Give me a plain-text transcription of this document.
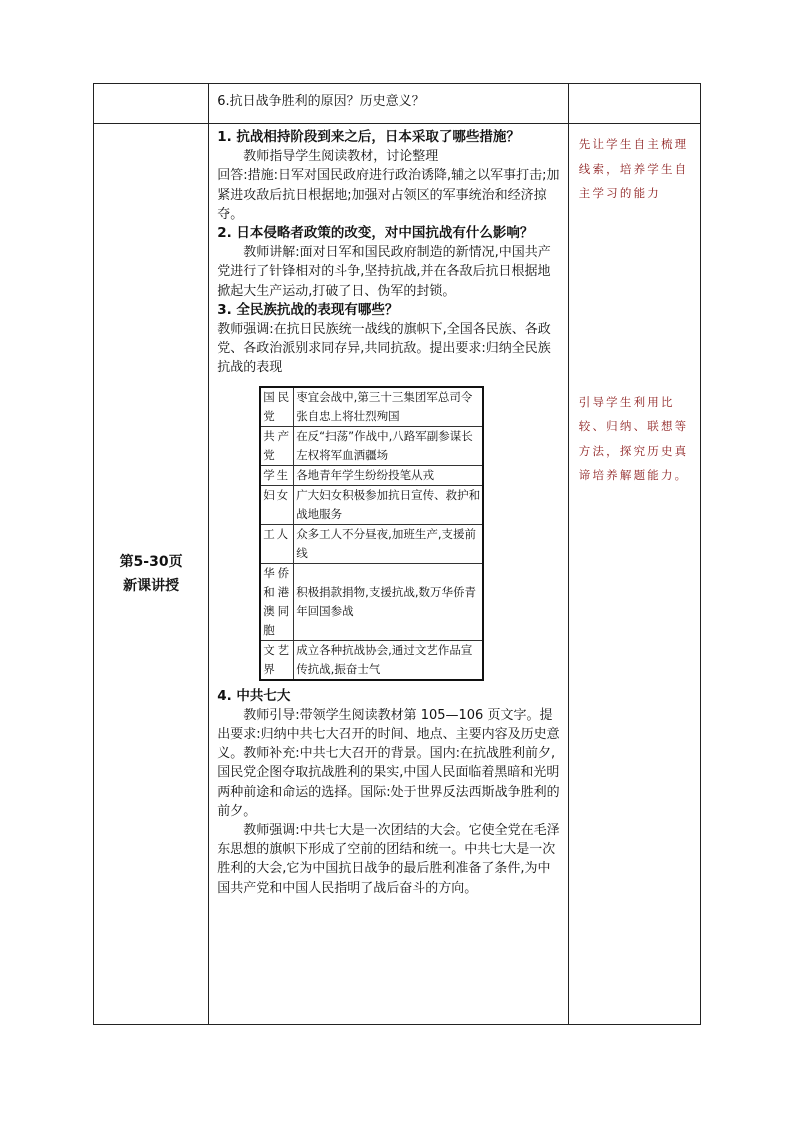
6.抗日战争胜利的原因？历史意义？

第5-30页
新课讲授

1. 抗战相持阶段到来之后，日本采取了哪些措施？

教师指导学生阅读教材，讨论整理

回答:措施:日军对国民政府进行政治诱降,辅之以军事打击;加紧进攻敌后抗日根据地;加强对占领区的军事统治和经济掠夺。

2. 日本侵略者政策的改变，对中国抗战有什么影响？

教师讲解:面对日军和国民政府制造的新情况,中国共产党进行了针锋相对的斗争,坚持抗战,并在各敌后抗日根据地掀起大生产运动,打破了日、伪军的封锁。

3. 全民族抗战的表现有哪些？

教师强调:在抗日民族统一战线的旗帜下,全国各民族、各政党、各政治派别求同存异,共同抗敌。提出要求:归纳全民族抗战的表现

国民党	枣宜会战中,第三十三集团军总司令张自忠上将壮烈殉国
共产党	在反“扫荡”作战中,八路军副参谋长左权将军血洒疆场
学生	各地青年学生纷纷投笔从戎
妇女	广大妇女积极参加抗日宣传、救护和战地服务
工人	众多工人不分昼夜,加班生产,支援前线
华侨和港澳同胞	积极捐款捐物,支援抗战,数万华侨青年回国参战
文艺界	成立各种抗战协会,通过文艺作品宣传抗战,振奋士气

4. 中共七大

教师引导:带领学生阅读教材第 105—106 页文字。提出要求:归纳中共七大召开的时间、地点、主要内容及历史意义。教师补充:中共七大召开的背景。国内:在抗战胜利前夕,国民党企图夺取抗战胜利的果实,中国人民面临着黑暗和光明两种前途和命运的选择。国际:处于世界反法西斯战争胜利的前夕。

教师强调:中共七大是一次团结的大会。它使全党在毛泽东思想的旗帜下形成了空前的团结和统一。中共七大是一次胜利的大会,它为中国抗日战争的最后胜利准备了条件,为中国共产党和中国人民指明了战后奋斗的方向。

先让学生自主梳理线索，培养学生自主学习的能力
引导学生利用比较、归纳、联想等方法，探究历史真谛培养解题能力。
